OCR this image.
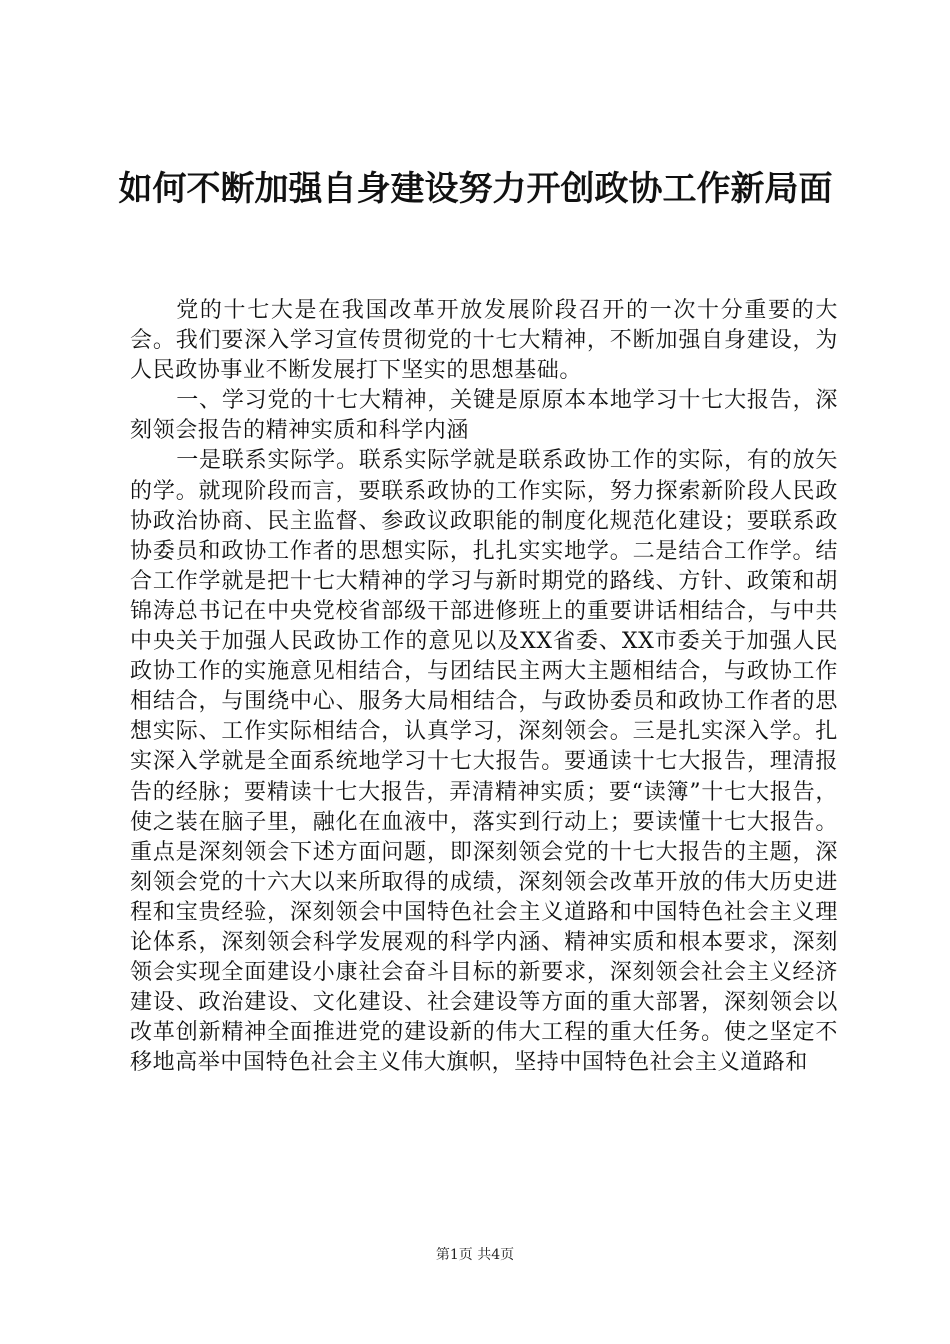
如何不断加强自身建设努力开创政协工作新局面

党的十七大是在我国改革开放发展阶段召开的一次十分重要的大会。我们要深入学习宣传贯彻党的十七大精神，不断加强自身建设，为人民政协事业不断发展打下坚实的思想基础。

一、学习党的十七大精神，关键是原原本本地学习十七大报告，深刻领会报告的精神实质和科学内涵

一是联系实际学。联系实际学就是联系政协工作的实际，有的放矢的学。就现阶段而言，要联系政协的工作实际，努力探索新阶段人民政协政治协商、民主监督、参政议政职能的制度化规范化建设；要联系政协委员和政协工作者的思想实际，扎扎实实地学。二是结合工作学。结合工作学就是把十七大精神的学习与新时期党的路线、方针、政策和胡锦涛总书记在中央党校省部级干部进修班上的重要讲话相结合，与中共中央关于加强人民政协工作的意见以及XX省委、XX市委关于加强人民政协工作的实施意见相结合，与团结民主两大主题相结合，与政协工作相结合，与围绕中心、服务大局相结合，与政协委员和政协工作者的思想实际、工作实际相结合，认真学习，深刻领会。三是扎实深入学。扎实深入学就是全面系统地学习十七大报告。要通读十七大报告，理清报告的经脉；要精读十七大报告，弄清精神实质；要“读簿”十七大报告，使之装在脑子里，融化在血液中，落实到行动上；要读懂十七大报告。重点是深刻领会下述方面问题，即深刻领会党的十七大报告的主题，深刻领会党的十六大以来所取得的成绩，深刻领会改革开放的伟大历史进程和宝贵经验，深刻领会中国特色社会主义道路和中国特色社会主义理论体系，深刻领会科学发展观的科学内涵、精神实质和根本要求，深刻领会实现全面建设小康社会奋斗目标的新要求，深刻领会社会主义经济建设、政治建设、文化建设、社会建设等方面的重大部署，深刻领会以改革创新精神全面推进党的建设新的伟大工程的重大任务。使之坚定不移地高举中国特色社会主义伟大旗帜，坚持中国特色社会主义道路和

第1页 共4页
